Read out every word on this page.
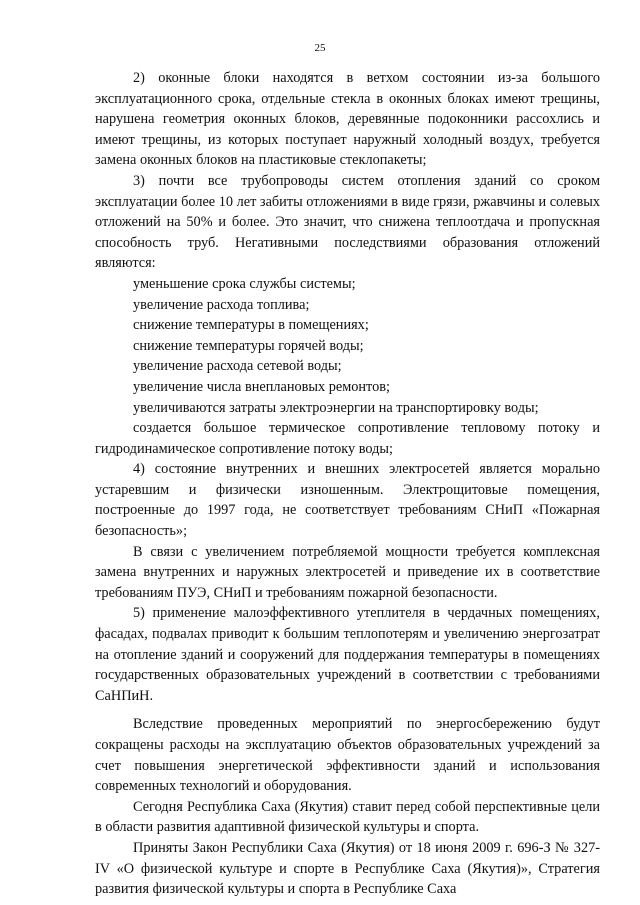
25

2) оконные блоки находятся в ветхом состоянии из-за большого эксплуатационного срока, отдельные стекла в оконных блоках имеют трещины, нарушена геометрия оконных блоков, деревянные подоконники рассохлись и имеют трещины, из которых поступает наружный холодный воздух, требуется замена оконных блоков на пластиковые стеклопакеты;

3) почти все трубопроводы систем отопления зданий со сроком эксплуатации более 10 лет забиты отложениями в виде грязи, ржавчины и солевых отложений на 50% и более. Это значит, что снижена теплоотдача и пропускная способность труб. Негативными последствиями образования отложений являются:

уменьшение срока службы системы;

увеличение расхода топлива;

снижение температуры в помещениях;

снижение температуры горячей воды;

увеличение расхода сетевой воды;

увеличение числа внеплановых ремонтов;

увеличиваются затраты электроэнергии на транспортировку воды;

создается большое термическое сопротивление тепловому потоку и гидродинамическое сопротивление потоку воды;

4) состояние внутренних и внешних электросетей является морально устаревшим и физически изношенным. Электрощитовые помещения, построенные до 1997 года, не соответствует требованиям СНиП «Пожарная безопасность»;

В связи с увеличением потребляемой мощности требуется комплексная замена внутренних и наружных электросетей и приведение их в соответствие требованиям ПУЭ, СНиП и требованиям пожарной безопасности.

5) применение малоэффективного утеплителя в чердачных помещениях, фасадах, подвалах приводит к большим теплопотерям и увеличению энергозатрат на отопление зданий и сооружений для поддержания температуры в помещениях государственных образовательных учреждений в соответствии с требованиями СаНПиН.

Вследствие проведенных мероприятий по энергосбережению будут сокращены расходы на эксплуатацию объектов образовательных учреждений за счет повышения энергетической эффективности зданий и использования современных технологий и оборудования.

Сегодня Республика Саха (Якутия) ставит перед собой перспективные цели в области развития адаптивной физической культуры и спорта.

Приняты Закон Республики Саха (Якутия) от 18 июня 2009 г. 696-З № 327-IV «О физической культуре и спорте в Республике Саха (Якутия)», Стратегия развития физической культуры и спорта в Республике Саха
